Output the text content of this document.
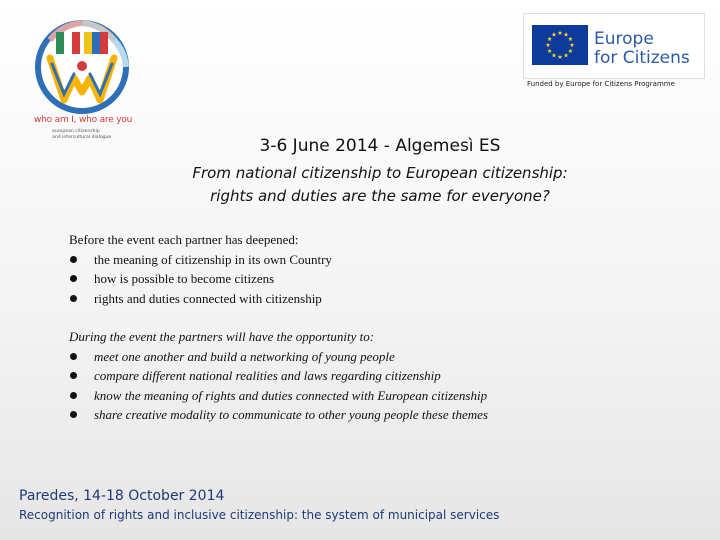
who am I, who are you
european citizenship
and intercultural dialogue
Europe
for Citizens
Funded by Europe for Citizens Programme
3-6 June 2014 - Algemesì ES
From national citizenship to European citizenship:
rights and duties are the same for everyone?
Before the event each partner has deepened:
the meaning of citizenship in its own Country
how is possible to become citizens
rights and duties connected with citizenship
During the event the partners will have the opportunity to:
meet one another and build a networking of young people
compare different national realities and laws regarding citizenship
know the meaning of rights and duties connected with European citizenship
share creative modality to communicate to other young people these themes
Paredes, 14-18 October 2014
Recognition of rights and inclusive citizenship: the system of municipal services
